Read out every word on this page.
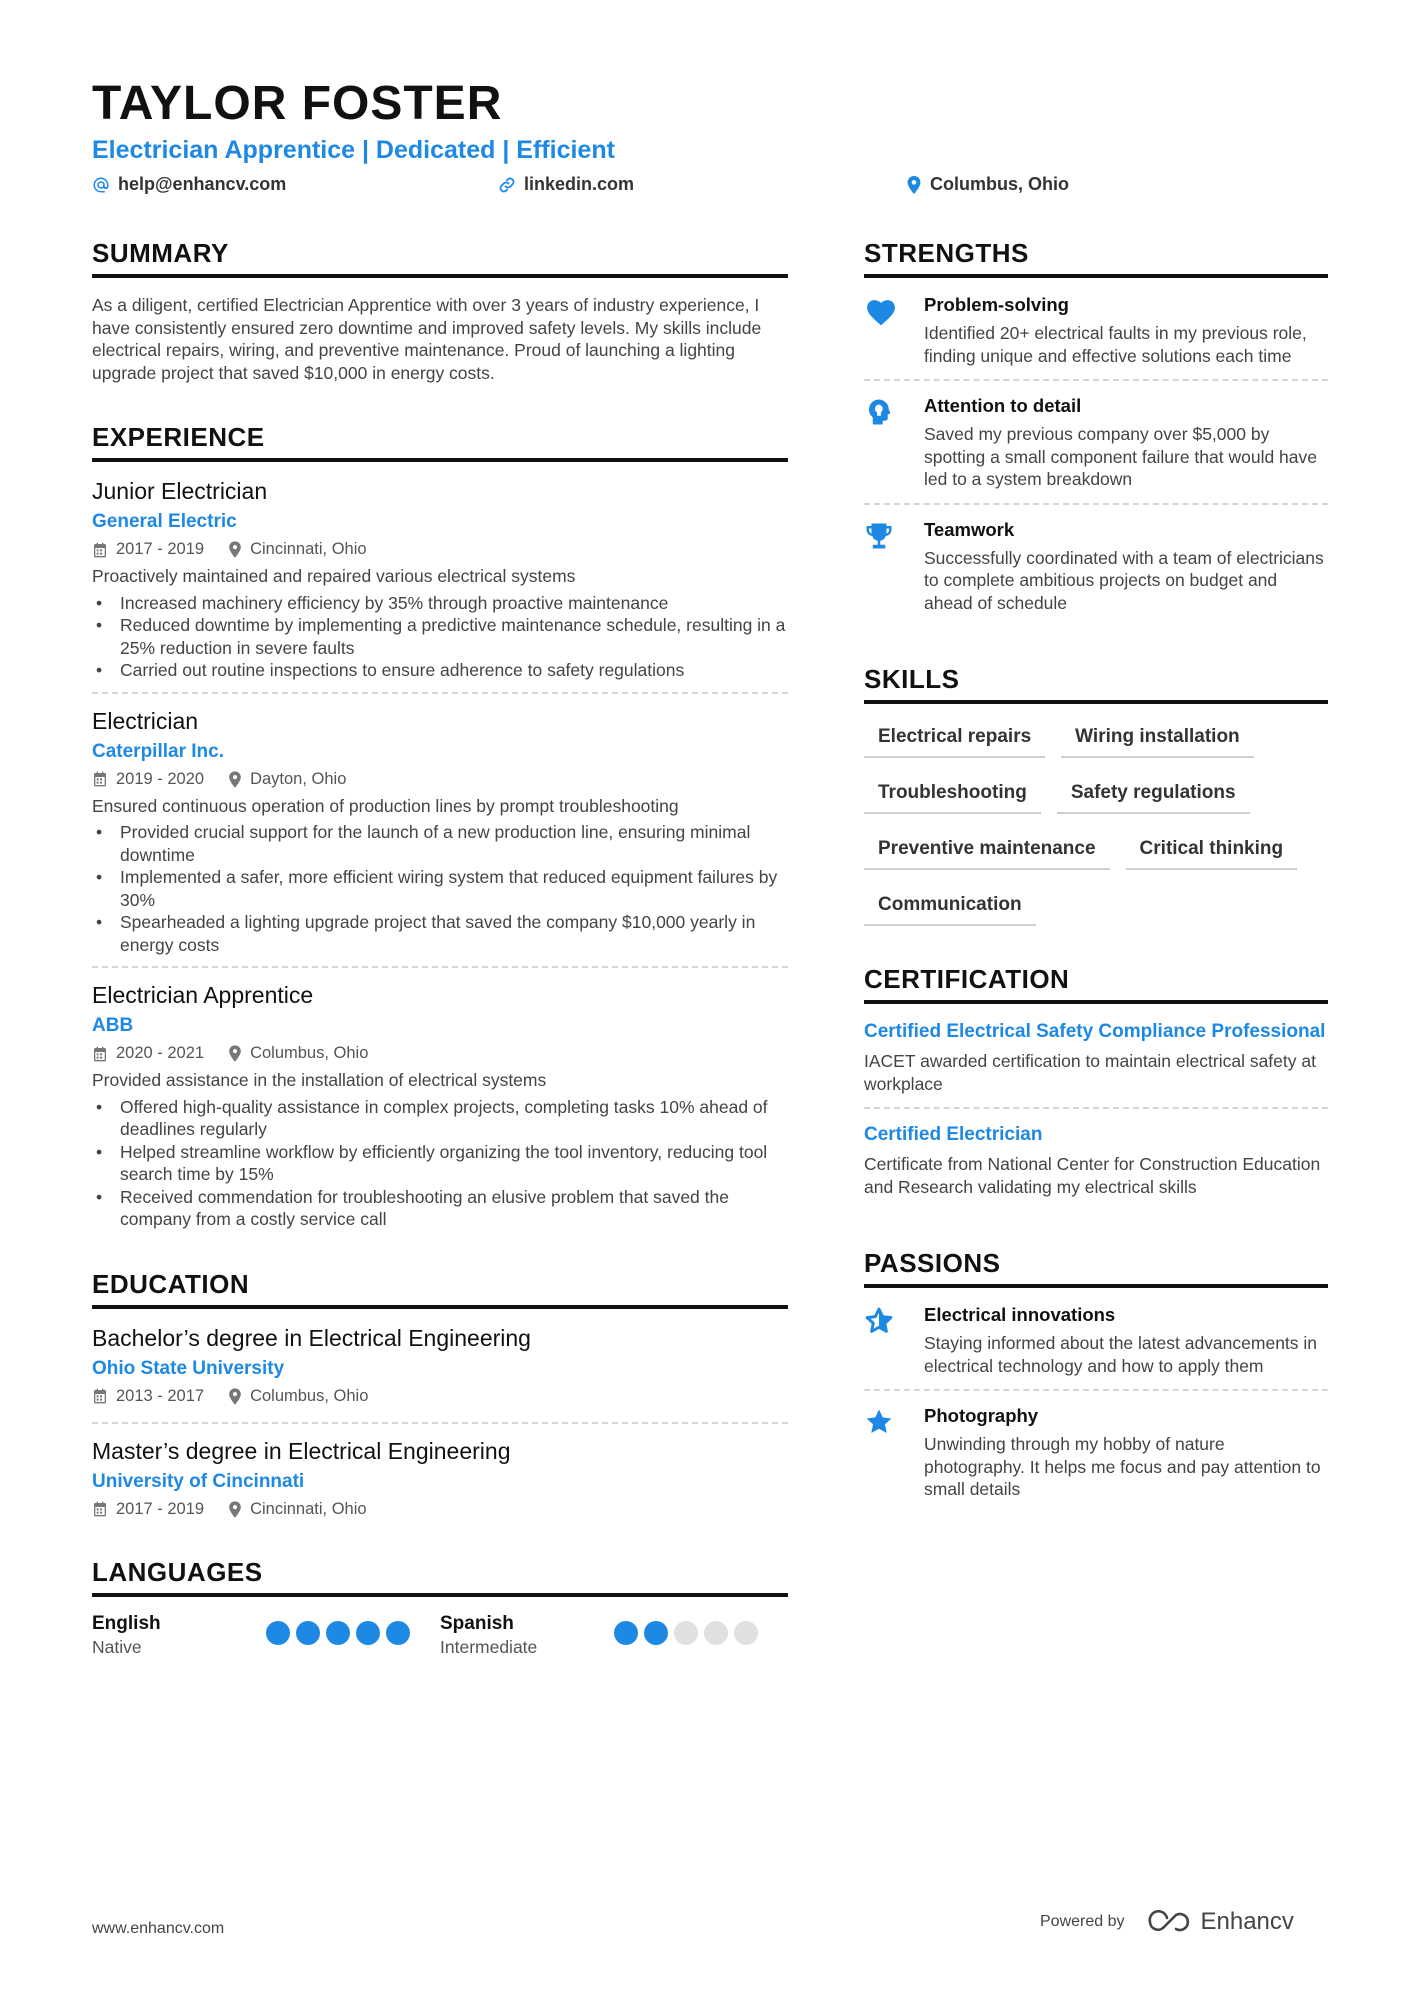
TAYLOR FOSTER
Electrician Apprentice | Dedicated | Efficient
help@enhancv.com	linkedin.com	Columbus, Ohio
SUMMARY

As a diligent, certified Electrician Apprentice with over 3 years of industry experience, I have consistently ensured zero downtime and improved safety levels. My skills include electrical repairs, wiring, and preventive maintenance. Proud of launching a lighting upgrade project that saved $10,000 in energy costs.

EXPERIENCE
Junior Electrician
General Electric
2017 - 2019	Cincinnati, Ohio
Proactively maintained and repaired various electrical systems
• Increased machinery efficiency by 35% through proactive maintenance
• Reduced downtime by implementing a predictive maintenance schedule, resulting in a 25% reduction in severe faults
• Carried out routine inspections to ensure adherence to safety regulations
Electrician
Caterpillar Inc.
2019 - 2020	Dayton, Ohio
Ensured continuous operation of production lines by prompt troubleshooting
• Provided crucial support for the launch of a new production line, ensuring minimal downtime
• Implemented a safer, more efficient wiring system that reduced equipment failures by 30%
• Spearheaded a lighting upgrade project that saved the company $10,000 yearly in energy costs
Electrician Apprentice
ABB
2020 - 2021	Columbus, Ohio
Provided assistance in the installation of electrical systems
• Offered high-quality assistance in complex projects, completing tasks 10% ahead of deadlines regularly
• Helped streamline workflow by efficiently organizing the tool inventory, reducing tool search time by 15%
• Received commendation for troubleshooting an elusive problem that saved the company from a costly service call
EDUCATION
Bachelor’s degree in Electrical Engineering
Ohio State University
2013 - 2017	Columbus, Ohio
Master’s degree in Electrical Engineering
University of Cincinnati
2017 - 2019	Cincinnati, Ohio
LANGUAGES
English
Native
Spanish
Intermediate
STRENGTHS
Problem-solving
Identified 20+ electrical faults in my previous role, finding unique and effective solutions each time
Attention to detail
Saved my previous company over $5,000 by spotting a small component failure that would have led to a system breakdown
Teamwork
Successfully coordinated with a team of electricians to complete ambitious projects on budget and ahead of schedule
SKILLS
Electrical repairs	Wiring installation
Troubleshooting	Safety regulations
Preventive maintenance	Critical thinking
Communication
CERTIFICATION
Certified Electrical Safety Compliance Professional
IACET awarded certification to maintain electrical safety at workplace
Certified Electrician
Certificate from National Center for Construction Education and Research validating my electrical skills
PASSIONS
Electrical innovations
Staying informed about the latest advancements in electrical technology and how to apply them
Photography
Unwinding through my hobby of nature photography. It helps me focus and pay attention to small details
www.enhancv.com	Powered by	Enhancv
